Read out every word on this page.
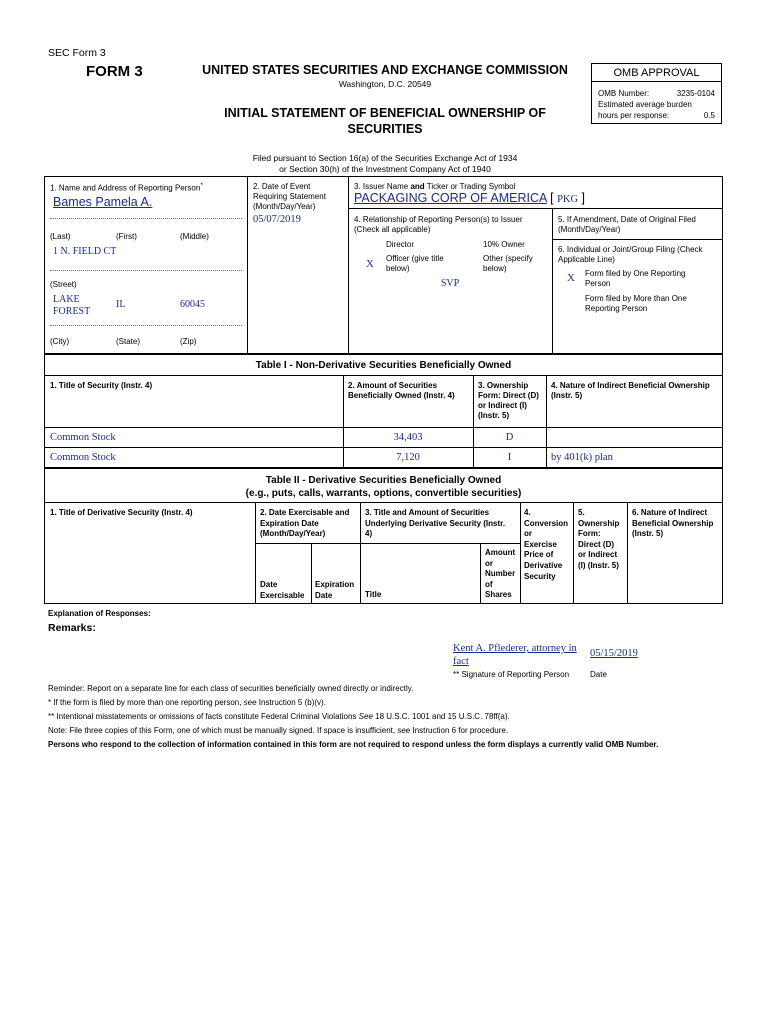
SEC Form 3
FORM 3	UNITED STATES SECURITIES AND EXCHANGE COMMISSION
Washington, D.C. 20549
INITIAL STATEMENT OF BENEFICIAL OWNERSHIP OF
SECURITIES
Filed pursuant to Section 16(a) of the Securities Exchange Act of 1934
or Section 30(h) of the Investment Company Act of 1940
OMB APPROVAL
OMB Number:	3235-0104
Estimated average burden
hours per response:	0.5
1. Name and Address of Reporting Person*
Bames Pamela A.
(Last)	(First)	(Middle)
1 N. FIELD CT
(Street)
LAKE
FOREST
IL	60045
(City)	(State)	(Zip)
2. Date of Event
Requiring Statement
(Month/Day/Year)
05/07/2019
3. Issuer Name and Ticker or Trading Symbol
PACKAGING CORP OF AMERICA [ PKG ]
4. Relationship of Reporting Person(s) to Issuer
(Check all applicable)
Director	10% Owner
X Officer (give title
below)
Other (specify
below)
SVP
5. If Amendment, Date of Original Filed
(Month/Day/Year)
6. Individual or Joint/Group Filing (Check
Applicable Line)
X Form filed by One Reporting
Person
Form filed by More than One
Reporting Person
Table I - Non-Derivative Securities Beneficially Owned
1. Title of Security (Instr. 4)	2. Amount of Securities
Beneficially Owned (Instr. 4)
3. Ownership
Form: Direct (D)
or Indirect (I)
(Instr. 5)
4. Nature of Indirect Beneficial Ownership
(Instr. 5)
Common Stock	34,403	D
Common Stock	7,120	I	by 401(k) plan
Table II - Derivative Securities Beneficially Owned
(e.g., puts, calls, warrants, options, convertible securities)
1. Title of Derivative Security (Instr. 4)	2. Date Exercisable and
Expiration Date
(Month/Day/Year)
3. Title and Amount of Securities
Underlying Derivative Security (Instr.
4)
4.
Conversion
or
Exercise
Price of
Derivative
Security
5.
Ownership
Form:
Direct (D)
or Indirect
(I) (Instr. 5)
6. Nature of Indirect
Beneficial Ownership
(Instr. 5)
Date
Exercisable
Expiration
Date	Title
Amount
or
Number
of
Shares
Explanation of Responses:
Remarks:
Kent A. Pflederer, attorney in
fact
05/15/2019
** Signature of Reporting Person	Date
Reminder: Report on a separate line for each class of securities beneficially owned directly or indirectly.
* If the form is filed by more than one reporting person, see Instruction 5 (b)(v).
** Intentional misstatements or omissions of facts constitute Federal Criminal Violations See 18 U.S.C. 1001 and 15 U.S.C. 78ff(a).
Note: File three copies of this Form, one of which must be manually signed. If space is insufficient, see Instruction 6 for procedure.
Persons who respond to the collection of information contained in this form are not required to respond unless the form displays a currently valid OMB Number.
